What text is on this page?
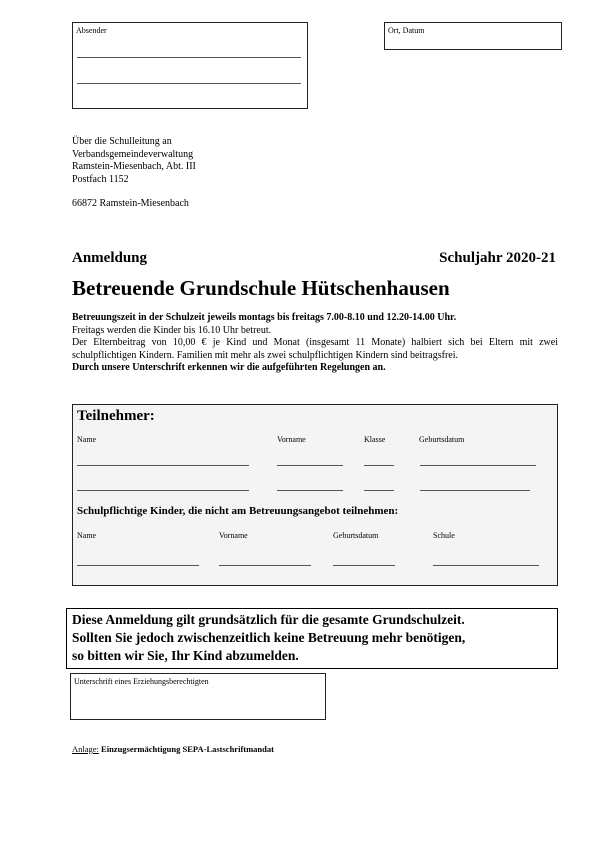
Absender	Ort, Datum
Über die Schulleitung an
Verbandsgemeindeverwaltung
Ramstein-Miesenbach, Abt. III
Postfach 1152
66872 Ramstein-Miesenbach
Anmeldung	Schuljahr 2020-21
Betreuende Grundschule Hütschenhausen
Betreuungszeit in der Schulzeit jeweils montags bis freitags 7.00-8.10 und 12.20-14.00 Uhr.
Freitags werden die Kinder bis 16.10 Uhr betreut.
Der Elternbeitrag von 10,00 € je Kind und Monat (insgesamt 11 Monate) halbiert sich bei Eltern mit zwei schulpflichtigen Kindern. Familien mit mehr als zwei schulpflichtigen Kindern sind beitragsfrei.
Durch unsere Unterschrift erkennen wir die aufgeführten Regelungen an.
Teilnehmer:
Name	Vorname	Klasse	Geburtsdatum
Schulpflichtige Kinder, die nicht am Betreuungsangebot teilnehmen:
Name	Vorname	Geburtsdatum	Schule
Diese Anmeldung gilt grundsätzlich für die gesamte Grundschulzeit.
Sollten Sie jedoch zwischenzeitlich keine Betreuung mehr benötigen,
so bitten wir Sie, Ihr Kind abzumelden.
Unterschrift eines Erziehungsberechtigten
Anlage: Einzugsermächtigung SEPA-Lastschriftmandat
